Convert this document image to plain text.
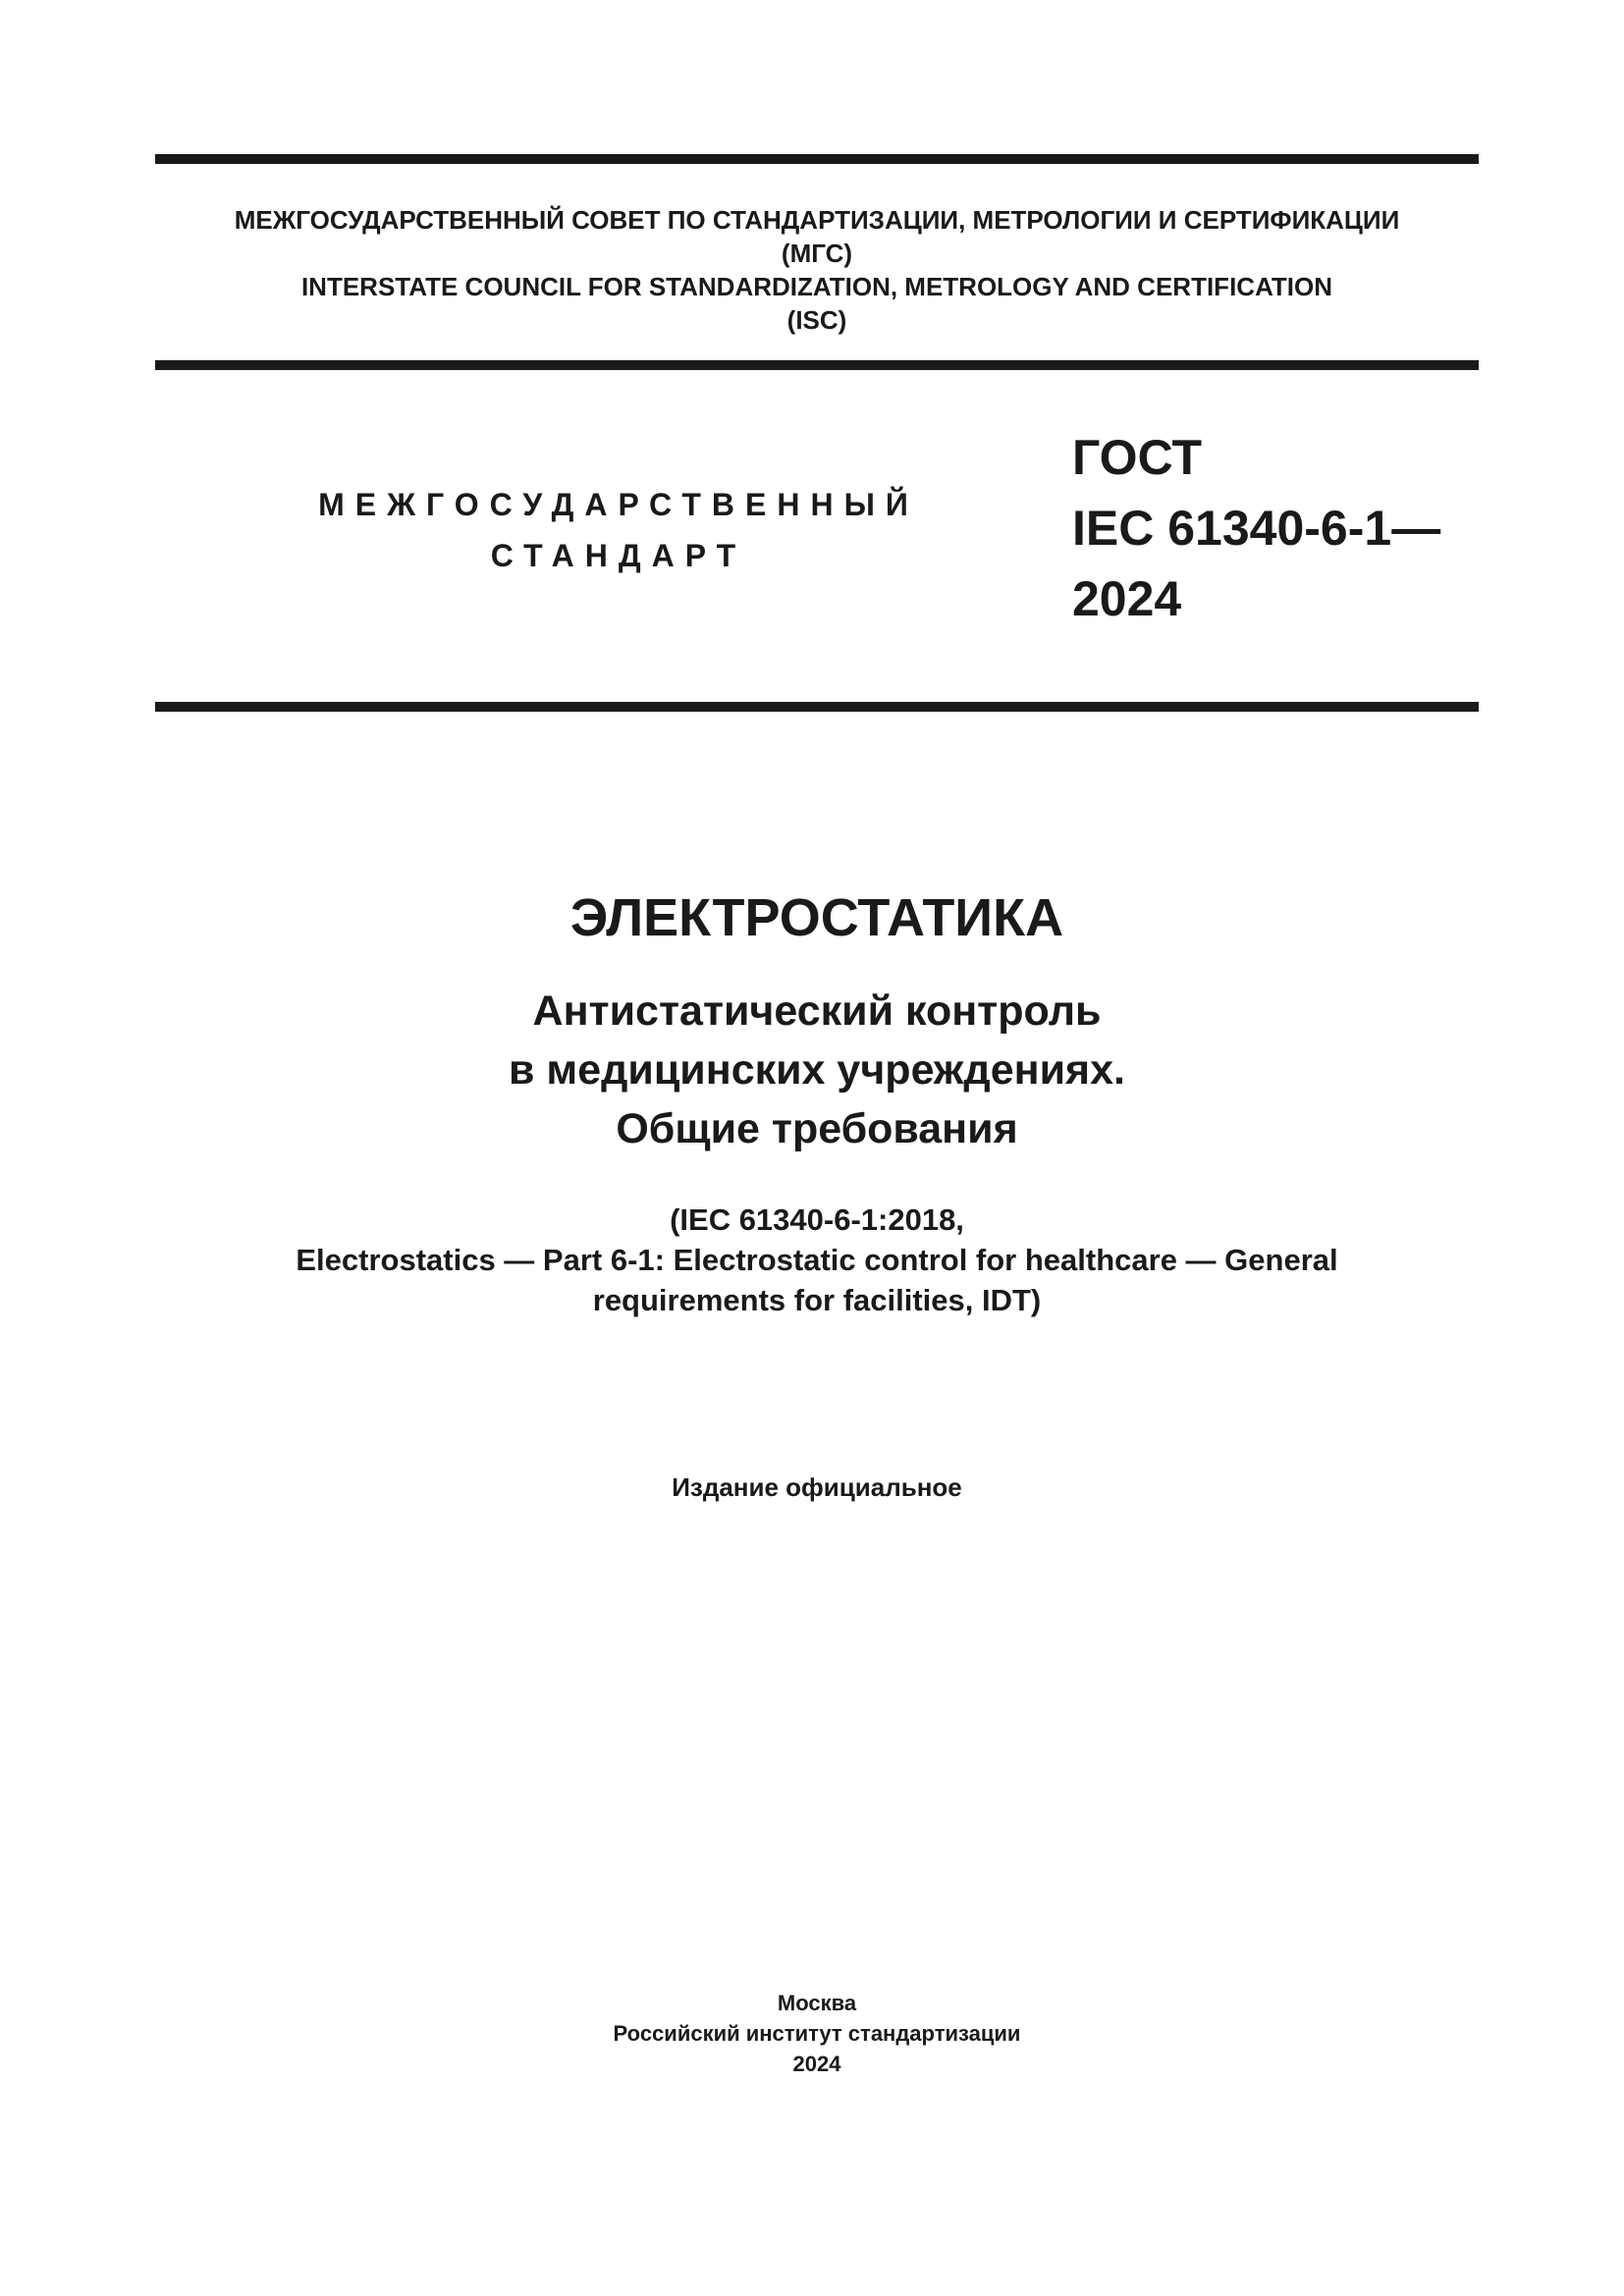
МЕЖГОСУДАРСТВЕННЫЙ СОВЕТ ПО СТАНДАРТИЗАЦИИ, МЕТРОЛОГИИ И СЕРТИФИКАЦИИ
(МГС)
INTERSTATE COUNCIL FOR STANDARDIZATION, METROLOGY AND CERTIFICATION
(ISC)
МЕЖГОСУДАРСТВЕННЫЙ
СТАНДАРТ
ГОСТ
IEC 61340-6-1—
2024
ЭЛЕКТРОСТАТИКА
Антистатический контроль
в медицинских учреждениях.
Общие требования
(IEC 61340-6-1:2018,
Electrostatics — Part 6-1: Electrostatic control for healthcare — General
requirements for facilities, IDT)
Издание официальное
Москва
Российский институт стандартизации
2024
